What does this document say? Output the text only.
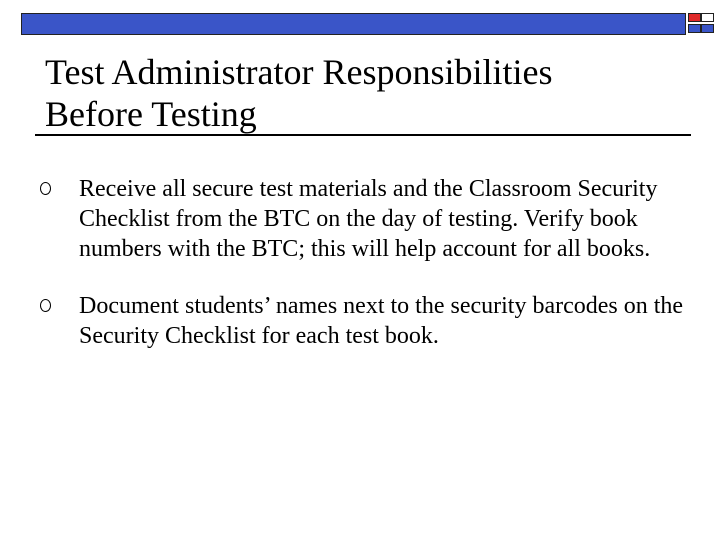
Test Administrator Responsibilities
Before Testing
Receive all secure test materials and the Classroom Security Checklist from the BTC on the day of testing. Verify book numbers with the BTC; this will help account for all books.
Document students’ names next to the security barcodes on the Security Checklist for each test book.
